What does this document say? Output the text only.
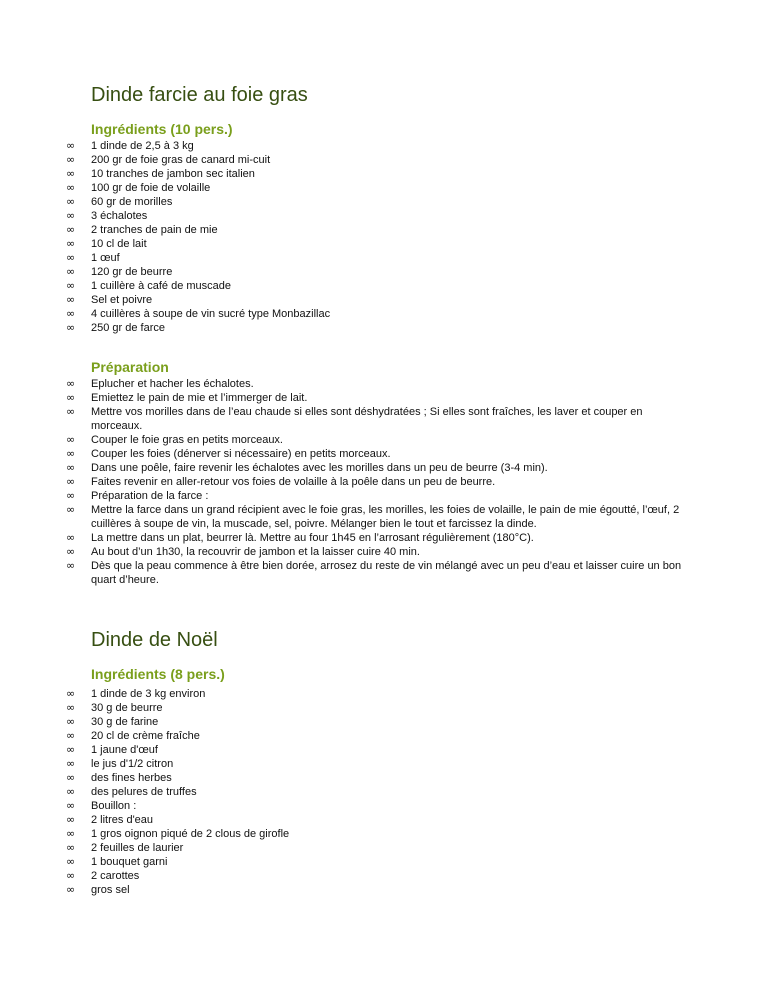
Dinde farcie au foie gras
Ingrédients (10 pers.)
∞ 1 dinde de 2,5 à 3 kg
∞ 200 gr de foie gras de canard mi-cuit
∞ 10 tranches de jambon sec italien
∞ 100 gr de foie de volaille
∞ 60 gr de morilles
∞ 3 échalotes
∞ 2 tranches de pain de mie
∞ 10 cl de lait
∞ 1 œuf
∞ 120 gr de beurre
∞ 1 cuillère à café de muscade
∞ Sel et poivre
∞ 4 cuillères à soupe de vin sucré type Monbazillac
∞ 250 gr de farce
Préparation
∞ Eplucher et hacher les échalotes.
∞ Emiettez le pain de mie et l’immerger de lait.
∞ Mettre vos morilles dans de l’eau chaude si elles sont déshydratées ; Si elles sont fraîches, les laver et couper en morceaux.
∞ Couper le foie gras en petits morceaux.
∞ Couper les foies (dénerver si nécessaire) en petits morceaux.
∞ Dans une poêle, faire revenir les échalotes avec les morilles dans un peu de beurre (3-4 min).
∞ Faites revenir en aller-retour vos foies de volaille à la poêle dans un peu de beurre.
∞ Préparation de la farce :
∞ Mettre la farce dans un grand récipient avec le foie gras, les morilles, les foies de volaille, le pain de mie égoutté, l’œuf, 2 cuillères à soupe de vin, la muscade, sel, poivre. Mélanger bien le tout et farcissez la dinde.
∞ La mettre dans un plat, beurrer là. Mettre au four 1h45 en l’arrosant régulièrement (180°C).
∞ Au bout d’un 1h30, la recouvrir de jambon et la laisser cuire 40 min.
∞ Dès que la peau commence à être bien dorée, arrosez du reste de vin mélangé avec un peu d’eau et laisser cuire un bon quart d’heure.
Dinde de Noël
Ingrédients (8 pers.)
∞ 1 dinde de 3 kg environ
∞ 30 g de beurre
∞ 30 g de farine
∞ 20 cl de crème fraîche
∞ 1 jaune d'œuf
∞ le jus d'1/2 citron
∞ des fines herbes
∞ des pelures de truffes
∞ Bouillon :
∞ 2 litres d'eau
∞ 1 gros oignon piqué de 2 clous de girofle
∞ 2 feuilles de laurier
∞ 1 bouquet garni
∞ 2 carottes
∞ gros sel
